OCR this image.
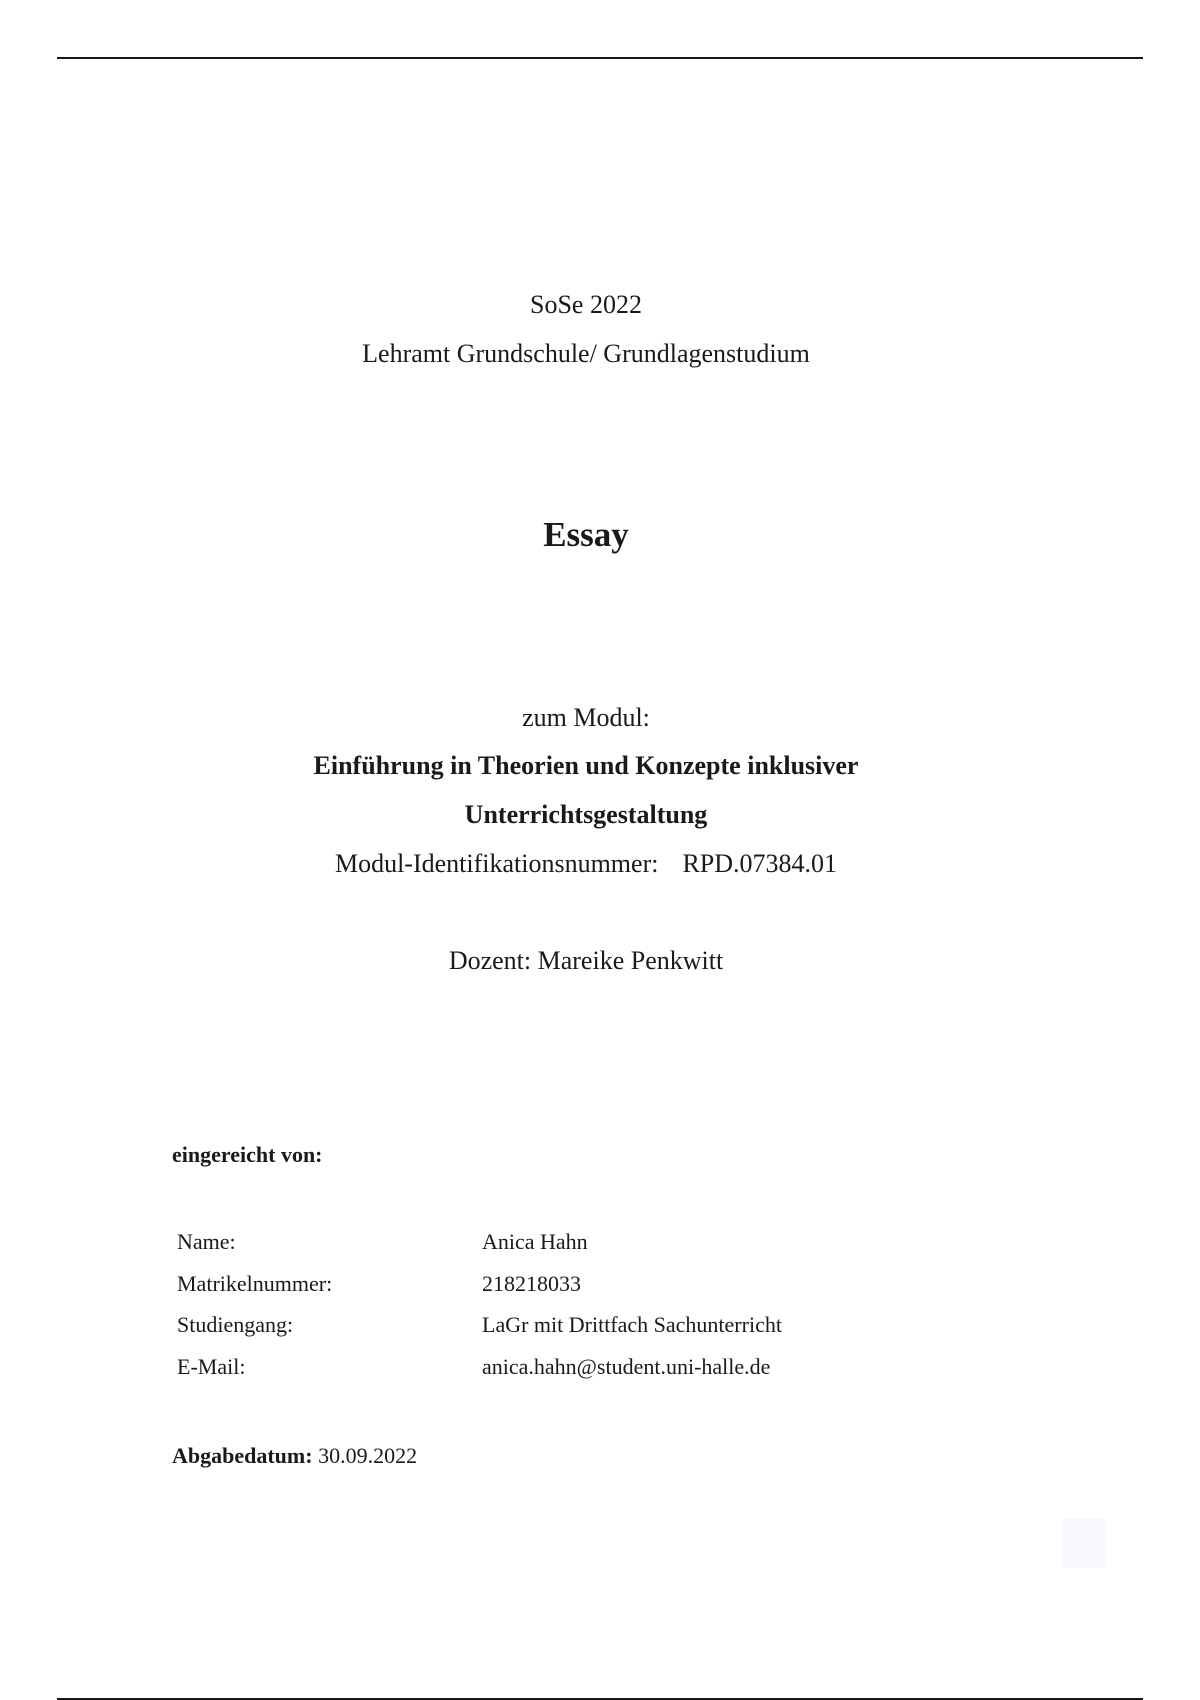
SoSe 2022
Lehramt Grundschule/ Grundlagenstudium
Essay
zum Modul:
Einführung in Theorien und Konzepte inklusiver
Unterrichtsgestaltung
Modul-Identifikationsnummer: RPD.07384.01
Dozent: Mareike Penkwitt
eingereicht von:
Name:	Anica Hahn
Matrikelnummer:	218218033
Studiengang:	LaGr mit Drittfach Sachunterricht
E-Mail:	anica.hahn@student.uni-halle.de
Abgabedatum: 30.09.2022
